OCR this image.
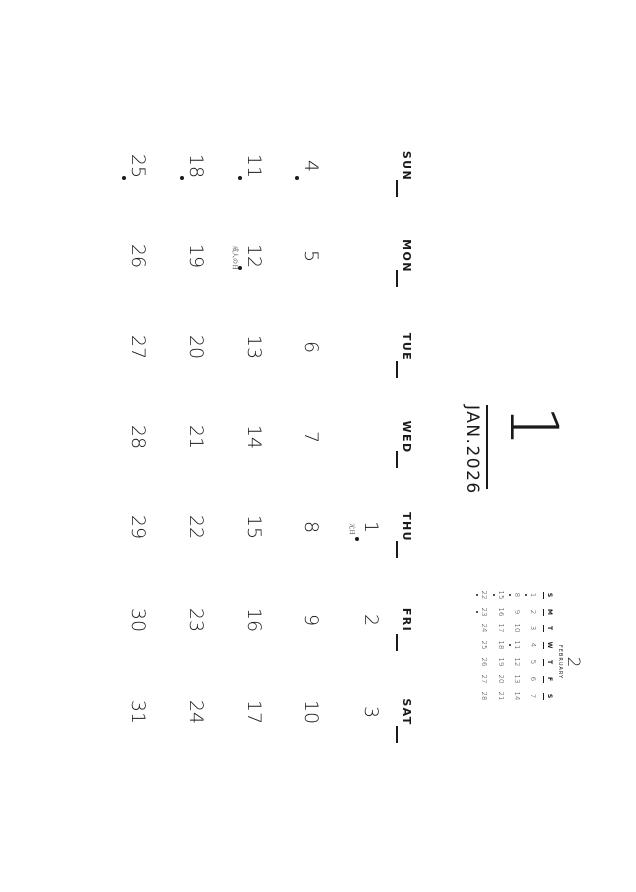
1
JAN.2026
2
FEBRUARY
S
M
T
W
T
F
S
1
2
3
4
5
6
7
8
9
10
11
12
13
14
15
16
17
18
19
20
21
22
23
24
25
26
27
28
SUN
MON
TUE
WED
THU
FRI
SAT
1
元日
2
3
4
5
6
7
8
9
10
11
12
成人の日
13
14
15
16
17
18
19
20
21
22
23
24
25
26
27
28
29
30
31
